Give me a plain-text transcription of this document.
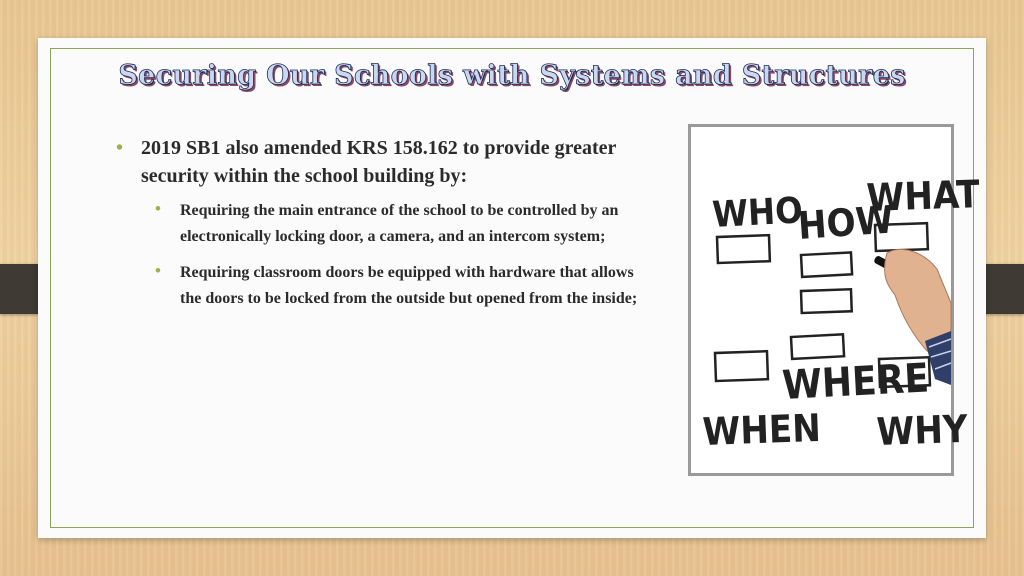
Securing Our Schools with Systems and Structures
• 2019 SB1 also amended KRS 158.162 to provide greater security within the school building by:
• Requiring the main entrance of the school to be controlled by an electronically locking door, a camera, and an intercom system;
• Requiring classroom doors be equipped with hardware that allows the doors to be locked from the outside but opened from the inside;
WHO
HOW
WHAT
WHEN
WHERE
WHY
